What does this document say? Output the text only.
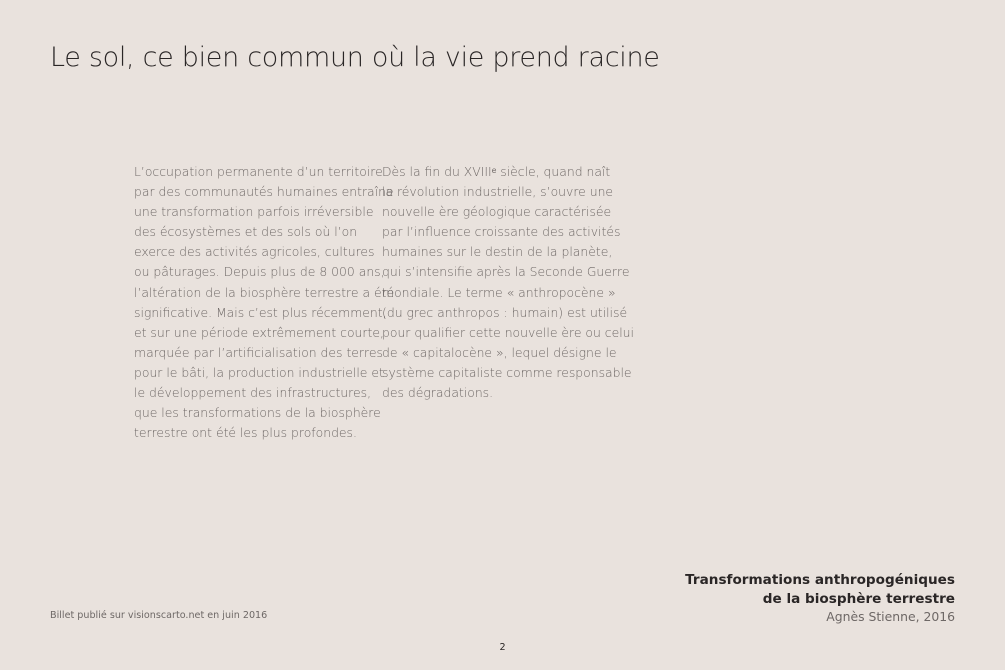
Le sol, ce bien commun où la vie prend racine
L’occupation permanente d’un territoire
par des communautés humaines entraîne
une transformation parfois irréversible
des écosystèmes et des sols où l’on
exerce des activités agricoles, cultures
ou pâturages. Depuis plus de 8 000 ans,
l’altération de la biosphère terrestre a été
significative. Mais c’est plus récemment,
et sur une période extrêmement courte,
marquée par l’artificialisation des terres
pour le bâti, la production industrielle et
le développement des infrastructures,
que les transformations de la biosphère
terrestre ont été les plus profondes.
Dès la fin du XVIIIᵉ siècle, quand naît
la révolution industrielle, s’ouvre une
nouvelle ère géologique caractérisée
par l’influence croissante des activités
humaines sur le destin de la planète,
qui s’intensifie après la Seconde Guerre
mondiale. Le terme « anthropocène »
(du grec anthropos : humain) est utilisé
pour qualifier cette nouvelle ère ou celui
de « capitalocène », lequel désigne le
système capitaliste comme responsable
des dégradations.
Billet publié sur visionscarto.net en juin 2016
Transformations anthropogéniques
de la biosphère terrestre
Agnès Stienne, 2016
2
